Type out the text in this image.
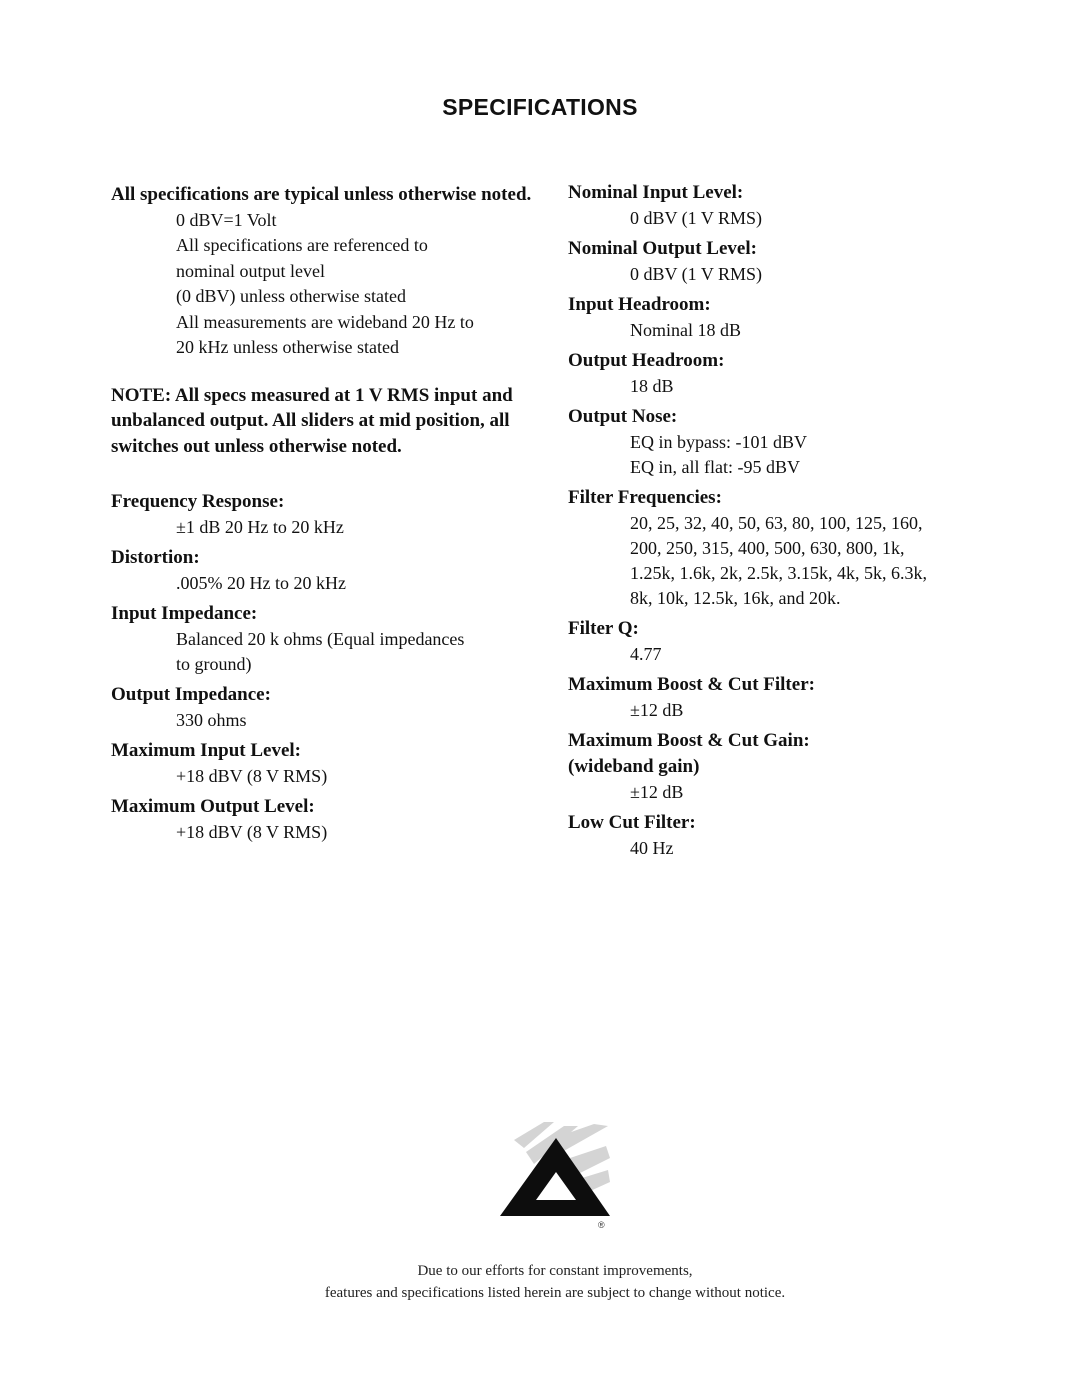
SPECIFICATIONS
All specifications are typical unless otherwise noted.
0 dBV=1 Volt
All specifications are referenced to
nominal output level
(0 dBV) unless otherwise stated
All measurements are wideband 20 Hz to
20 kHz unless otherwise stated
NOTE: All specs measured at 1 V RMS input and unbalanced output. All sliders at mid position, all switches out unless otherwise noted.
Frequency Response:
±1 dB 20 Hz to 20 kHz
Distortion:
.005% 20 Hz to 20 kHz
Input Impedance:
Balanced 20 k ohms (Equal impedances
to ground)
Output Impedance:
330 ohms
Maximum Input Level:
+18 dBV (8 V RMS)
Maximum Output Level:
+18 dBV (8 V RMS)
Nominal Input Level:
0 dBV (1 V RMS)
Nominal Output Level:
0 dBV (1 V RMS)
Input Headroom:
Nominal 18 dB
Output Headroom:
18 dB
Output Nose:
EQ in bypass: -101 dBV
EQ in, all flat: -95 dBV
Filter Frequencies:
20, 25, 32, 40, 50, 63, 80, 100, 125, 160,
200, 250, 315, 400, 500, 630, 800, 1k,
1.25k, 1.6k, 2k, 2.5k, 3.15k, 4k, 5k, 6.3k,
8k, 10k, 12.5k, 16k, and 20k.
Filter Q:
4.77
Maximum Boost & Cut Filter:
±12 dB
Maximum Boost & Cut Gain: (wideband gain)
±12 dB
Low Cut Filter:
40 Hz
®
Due to our efforts for constant improvements,
features and specifications listed herein are subject to change without notice.
